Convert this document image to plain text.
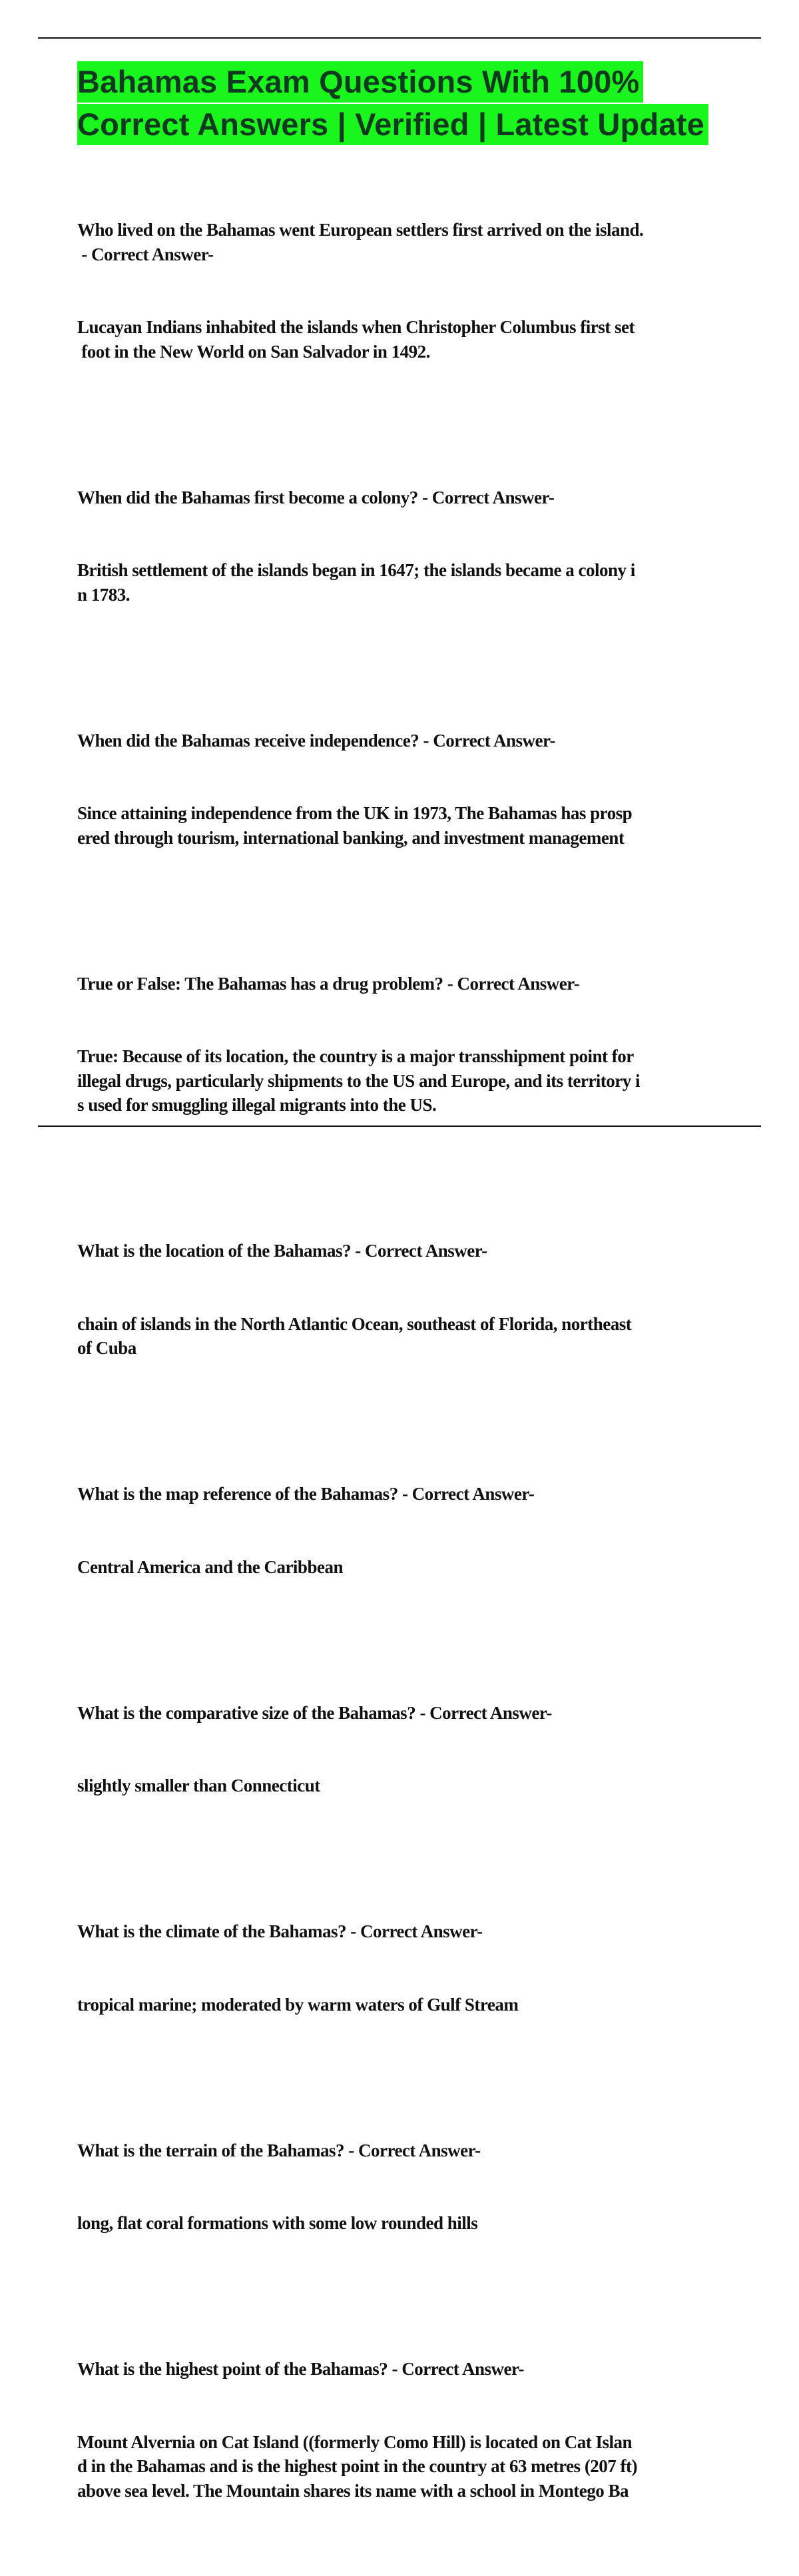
Bahamas Exam Questions With 100%
Correct Answers | Verified | Latest Update

Who lived on the Bahamas went European settlers first arrived on the island.
- Correct Answer-

Lucayan Indians inhabited the islands when Christopher Columbus first set
foot in the New World on San Salvador in 1492.

When did the Bahamas first become a colony? - Correct Answer-

British settlement of the islands began in 1647; the islands became a colony i
n 1783.

When did the Bahamas receive independence? - Correct Answer-

Since attaining independence from the UK in 1973, The Bahamas has prosp
ered through tourism, international banking, and investment management

True or False: The Bahamas has a drug problem? - Correct Answer-

True: Because of its location, the country is a major transshipment point for
illegal drugs, particularly shipments to the US and Europe, and its territory i
s used for smuggling illegal migrants into the US.

What is the location of the Bahamas? - Correct Answer-

chain of islands in the North Atlantic Ocean, southeast of Florida, northeast
of Cuba

What is the map reference of the Bahamas? - Correct Answer-

Central America and the Caribbean

What is the comparative size of the Bahamas? - Correct Answer-

slightly smaller than Connecticut

What is the climate of the Bahamas? - Correct Answer-

tropical marine; moderated by warm waters of Gulf Stream

What is the terrain of the Bahamas? - Correct Answer-

long, flat coral formations with some low rounded hills

What is the highest point of the Bahamas? - Correct Answer-

Mount Alvernia on Cat Island ((formerly Como Hill) is located on Cat Islan
d in the Bahamas and is the highest point in the country at 63 metres (207 ft)
above sea level. The Mountain shares its name with a school in Montego Ba
